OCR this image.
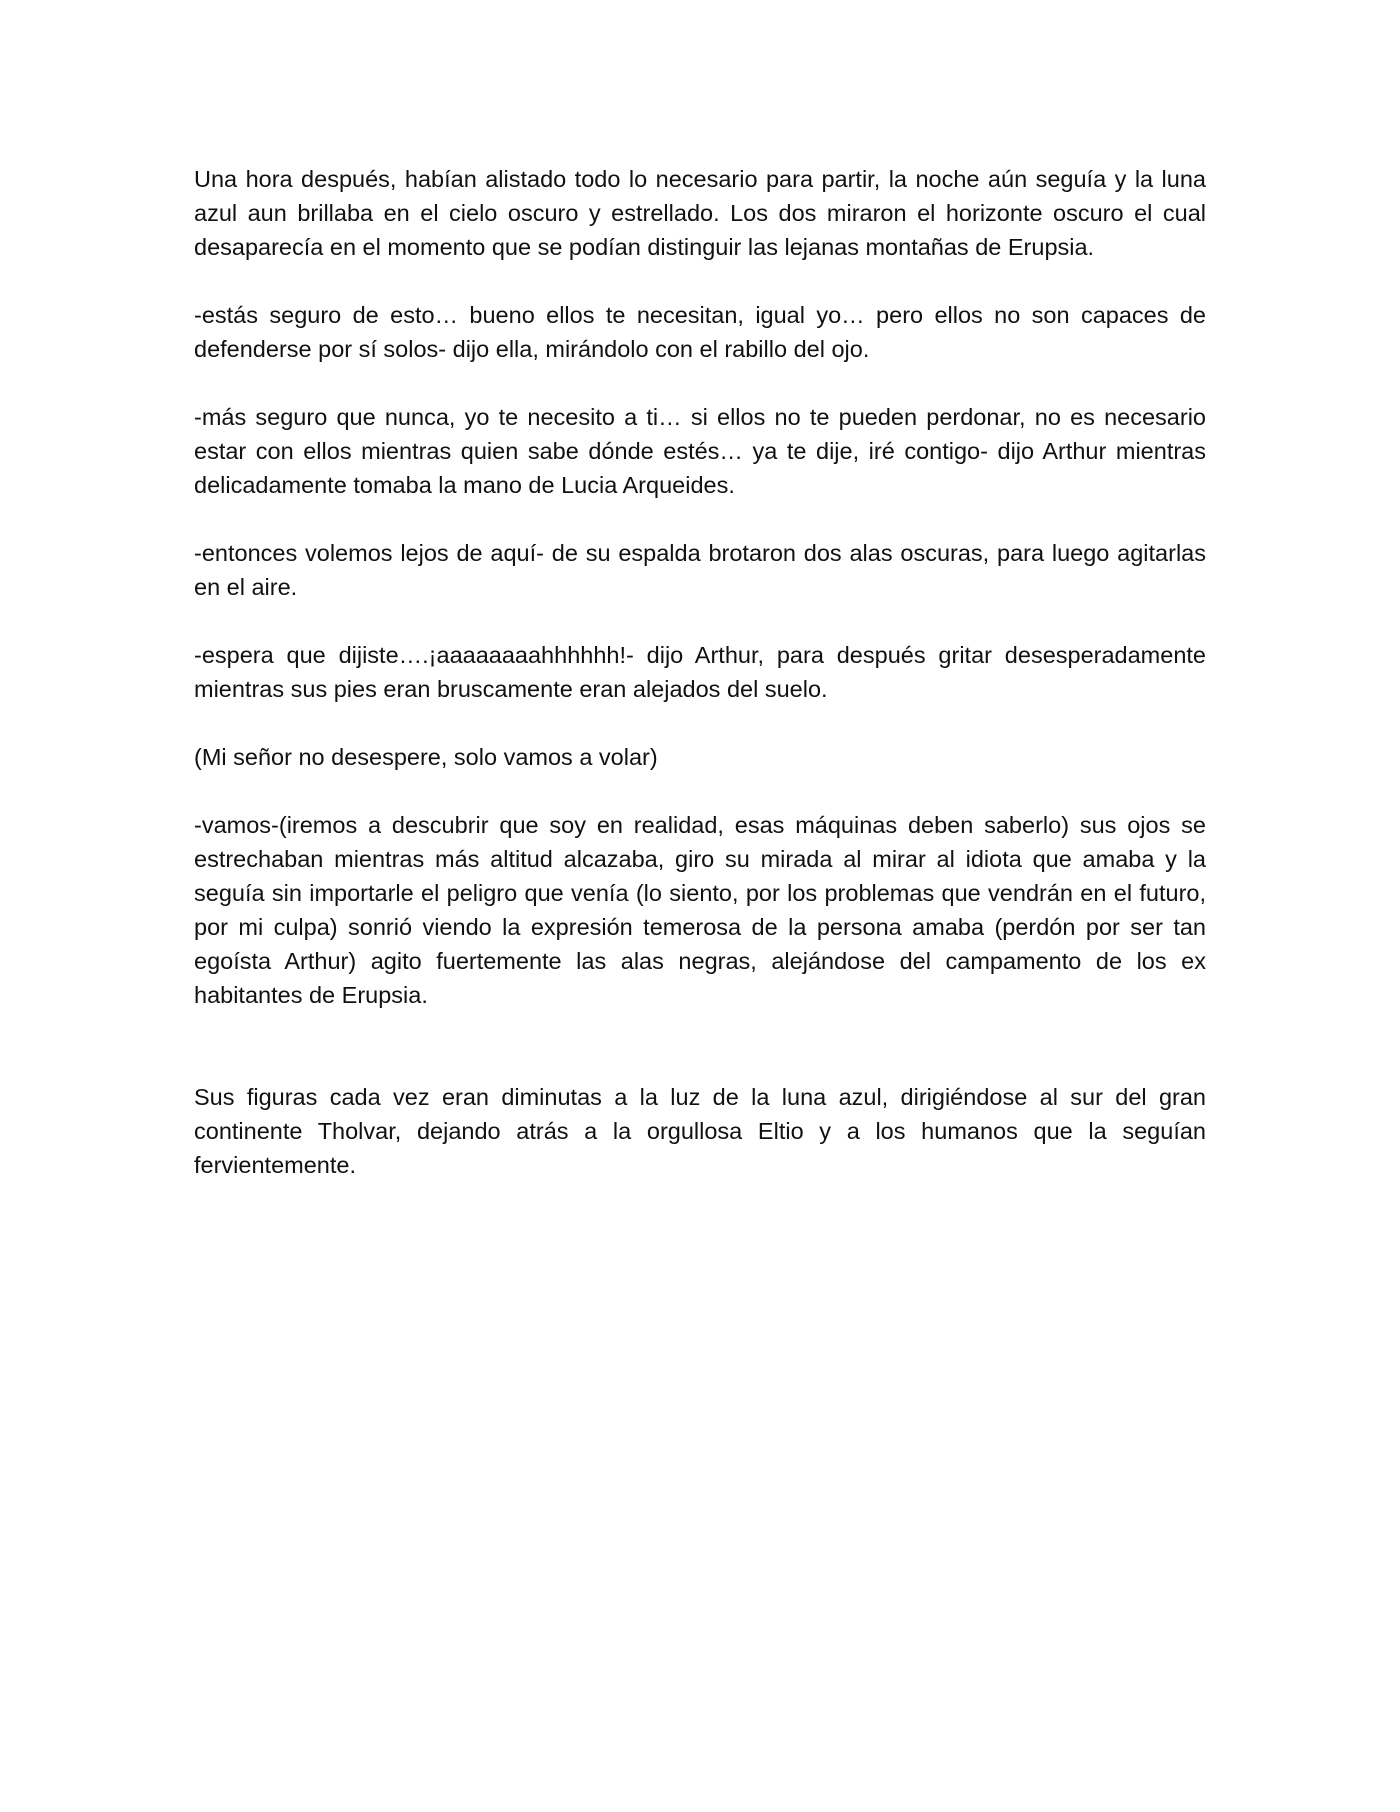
Una hora después, habían alistado todo lo necesario para partir, la noche aún seguía y la luna azul aun brillaba en el cielo oscuro y estrellado. Los dos miraron el horizonte oscuro el cual desaparecía en el momento que se podían distinguir las lejanas montañas de Erupsia.

-estás seguro de esto… bueno ellos te necesitan, igual yo… pero ellos no son capaces de defenderse por sí solos- dijo ella, mirándolo con el rabillo del ojo.

-más seguro que nunca, yo te necesito a ti… si ellos no te pueden perdonar, no es necesario estar con ellos mientras quien sabe dónde estés… ya te dije, iré contigo- dijo Arthur mientras delicadamente tomaba la mano de Lucia Arqueides.

-entonces volemos lejos de aquí- de su espalda brotaron dos alas oscuras, para luego agitarlas en el aire.

-espera que dijiste….¡aaaaaaaahhhhhh!- dijo Arthur, para después gritar desesperadamente mientras sus pies eran bruscamente eran alejados del suelo.

(Mi señor no desespere, solo vamos a volar)

-vamos-(iremos a descubrir que soy en realidad, esas máquinas deben saberlo) sus ojos se estrechaban mientras más altitud alcazaba, giro su mirada al mirar al idiota que amaba y la seguía sin importarle el peligro que venía (lo siento, por los problemas que vendrán en el futuro, por mi culpa) sonrió viendo la expresión temerosa de la persona amaba (perdón por ser tan egoísta Arthur) agito fuertemente las alas negras, alejándose del campamento de los ex habitantes de Erupsia.

Sus figuras cada vez eran diminutas a la luz de la luna azul, dirigiéndose al sur del gran continente Tholvar, dejando atrás a la orgullosa Eltio y a los humanos que la seguían fervientemente.
